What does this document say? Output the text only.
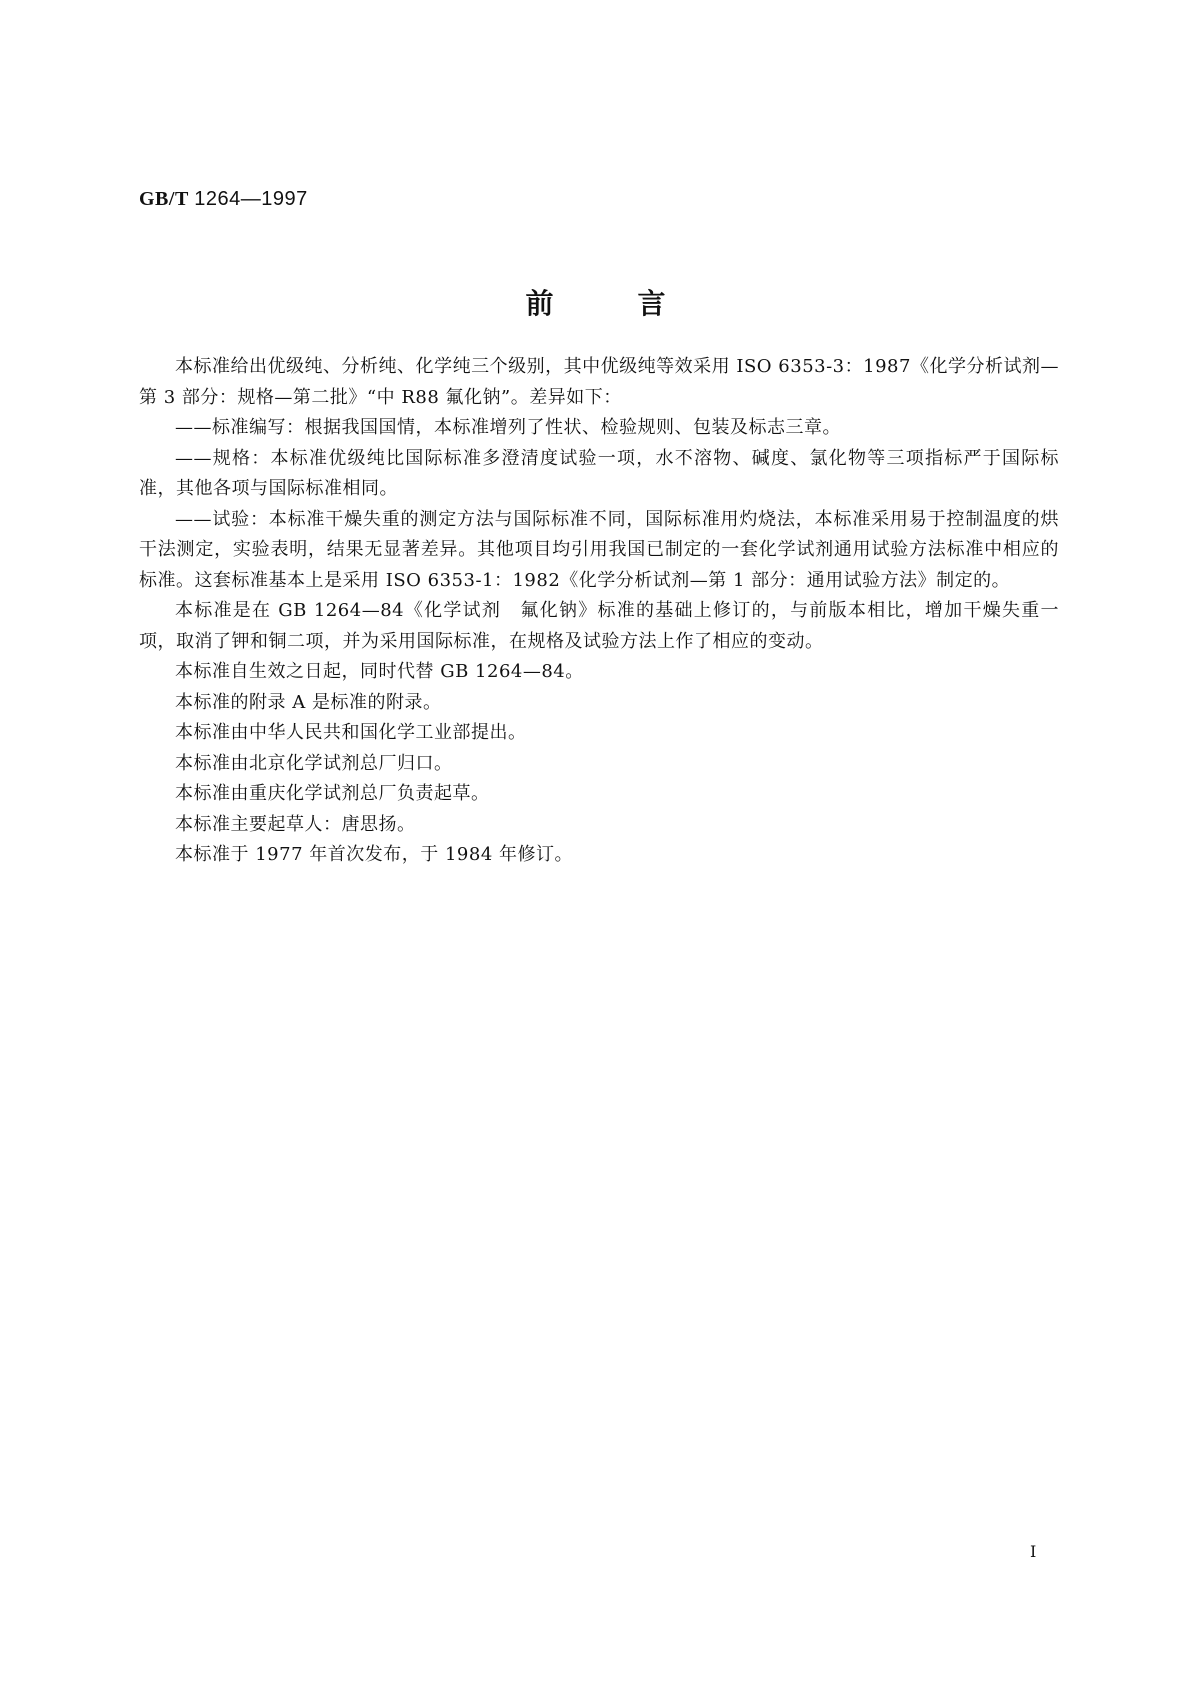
GB/T 1264—1997
前言

本标准给出优级纯、分析纯、化学纯三个级别，其中优级纯等效采用 ISO 6353-3：1987《化学分析试剂—第 3 部分：规格—第二批》“中 R88 氟化钠”。差异如下：

——标准编写：根据我国国情，本标准增列了性状、检验规则、包装及标志三章。

——规格：本标准优级纯比国际标准多澄清度试验一项，水不溶物、碱度、氯化物等三项指标严于国际标准，其他各项与国际标准相同。

——试验：本标准干燥失重的测定方法与国际标准不同，国际标准用灼烧法，本标准采用易于控制温度的烘干法测定，实验表明，结果无显著差异。其他项目均引用我国已制定的一套化学试剂通用试验方法标准中相应的标准。这套标准基本上是采用 ISO 6353-1：1982《化学分析试剂—第 1 部分：通用试验方法》制定的。

本标准是在 GB 1264—84《化学试剂　氟化钠》标准的基础上修订的，与前版本相比，增加干燥失重一项，取消了钾和铜二项，并为采用国际标准，在规格及试验方法上作了相应的变动。

本标准自生效之日起，同时代替 GB 1264—84。

本标准的附录 A 是标准的附录。

本标准由中华人民共和国化学工业部提出。

本标准由北京化学试剂总厂归口。

本标准由重庆化学试剂总厂负责起草。

本标准主要起草人：唐思扬。

本标准于 1977 年首次发布，于 1984 年修订。

I
